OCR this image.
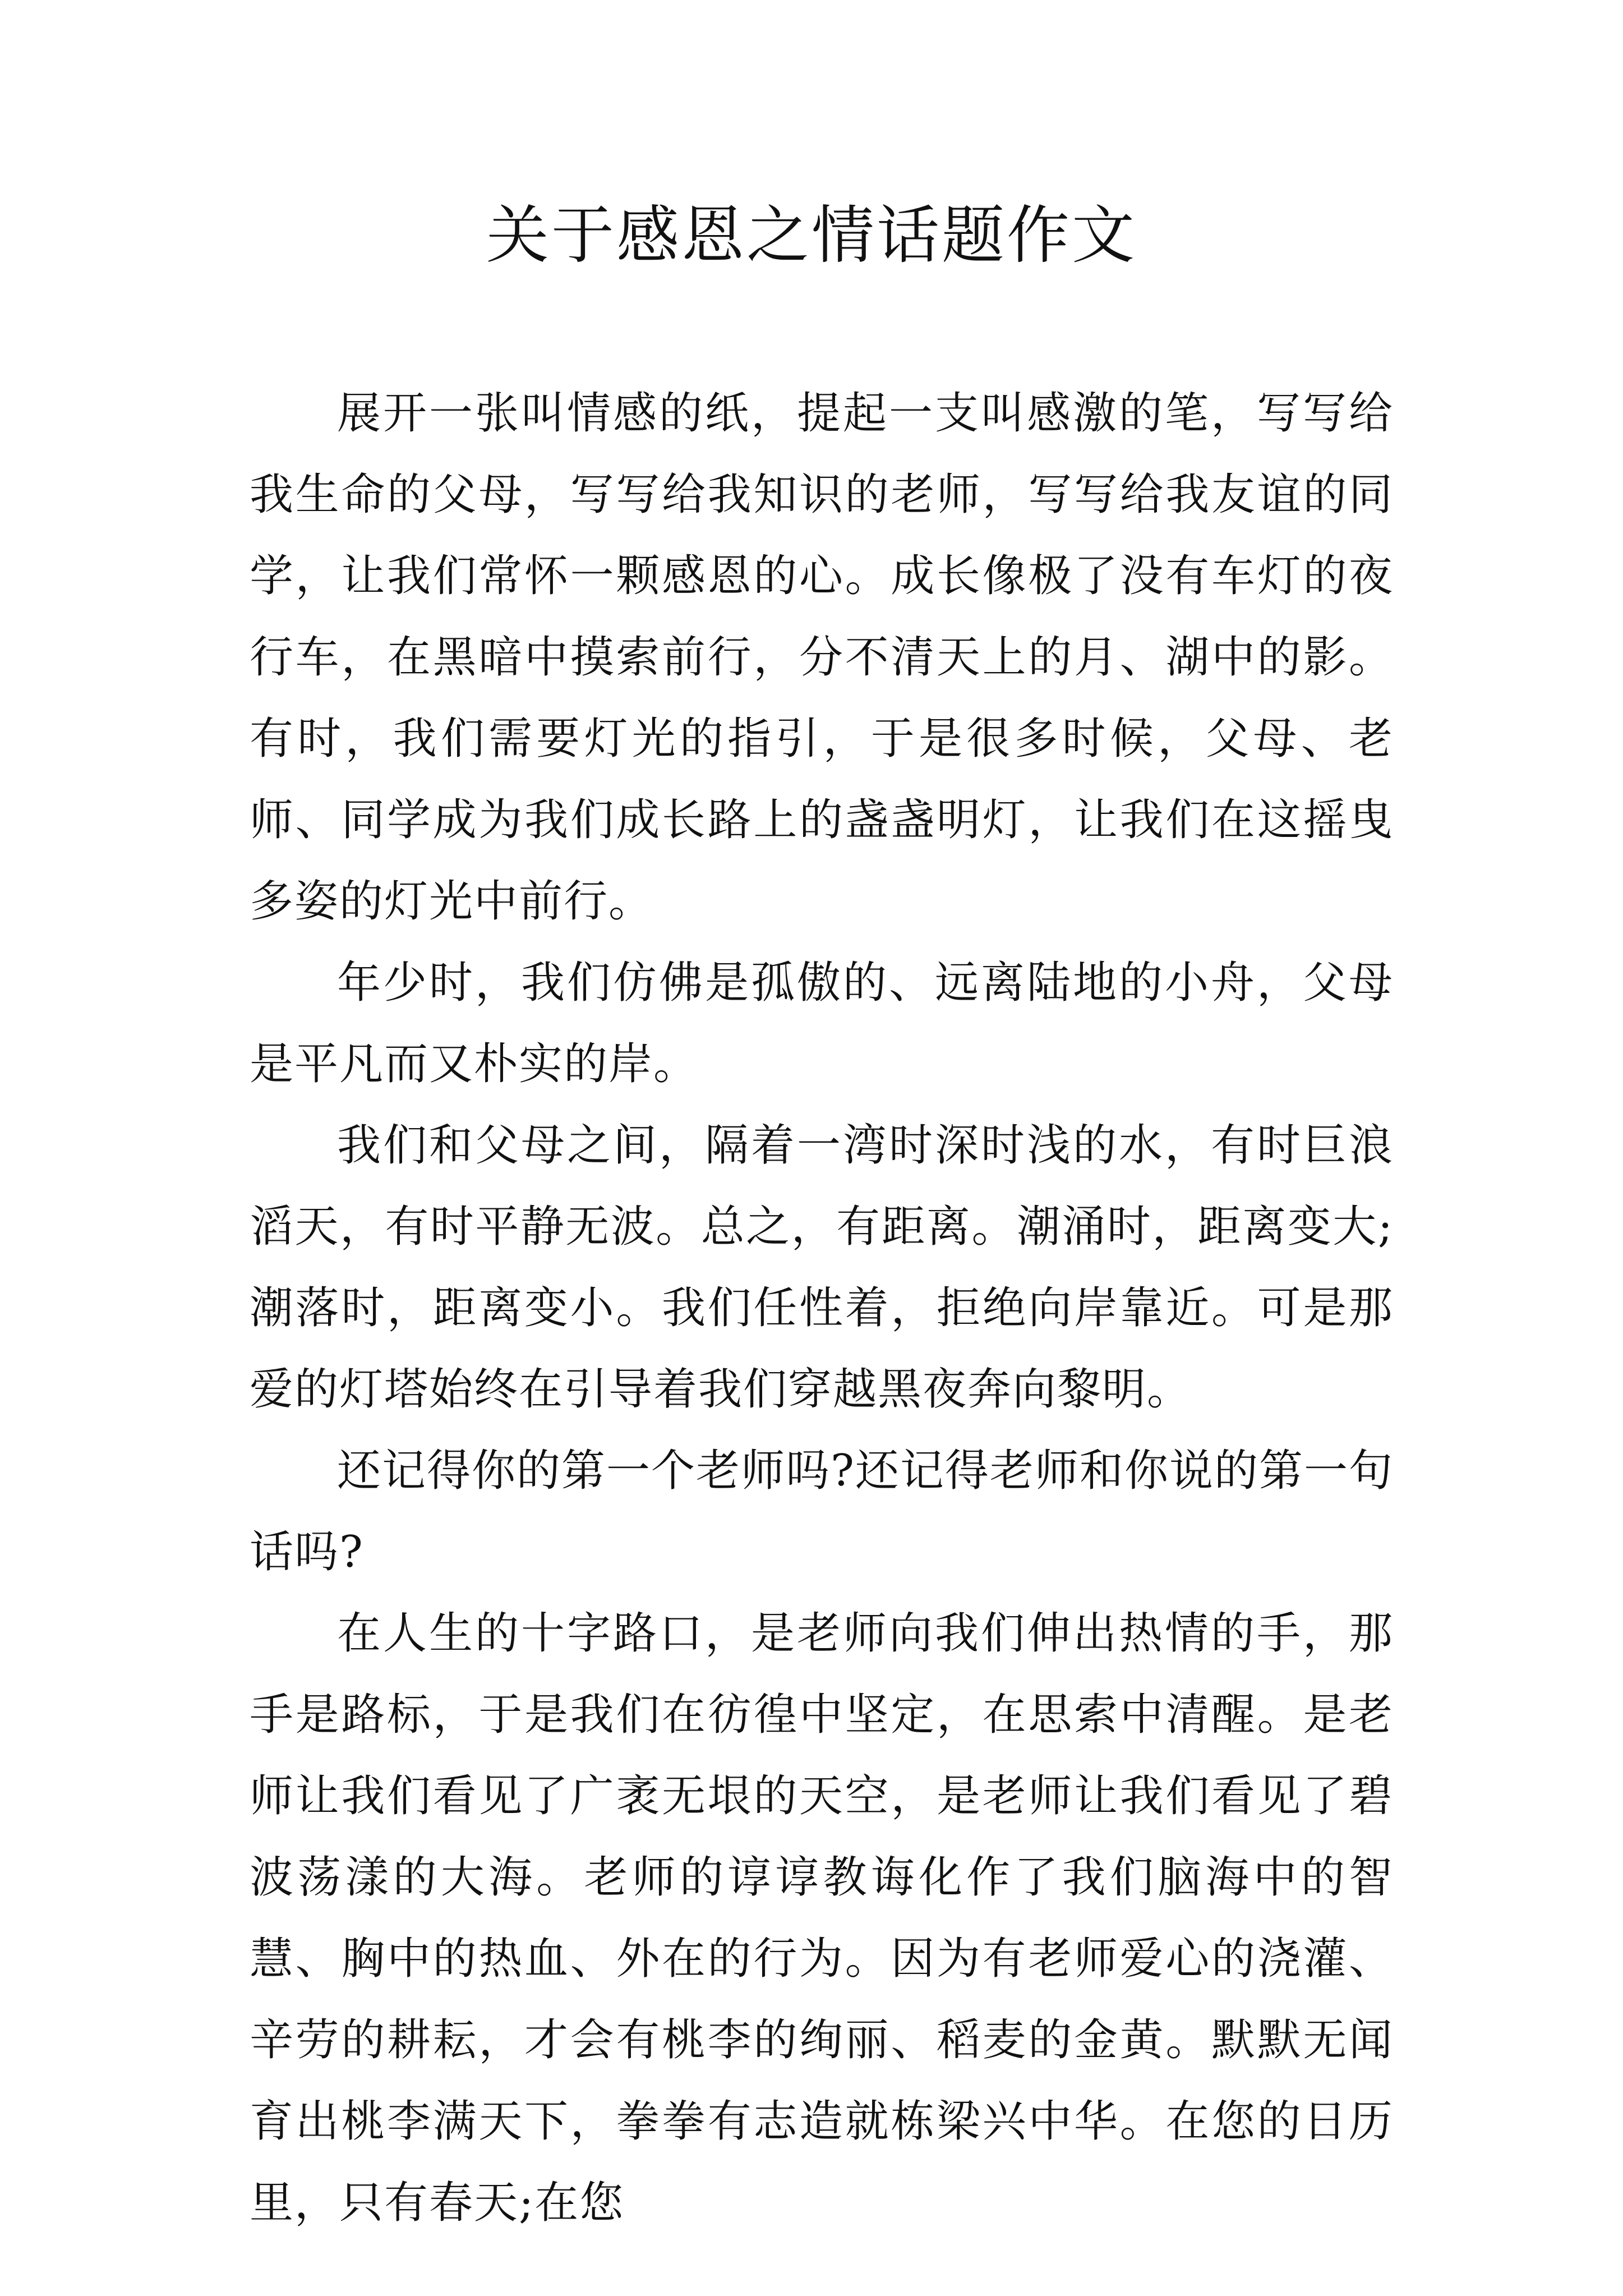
关于感恩之情话题作文

展开一张叫情感的纸，提起一支叫感激的笔，写写给我生命的父母，写写给我知识的老师，写写给我友谊的同学，让我们常怀一颗感恩的心。成长像极了没有车灯的夜行车，在黑暗中摸索前行，分不清天上的月、湖中的影。有时，我们需要灯光的指引，于是很多时候，父母、老师、同学成为我们成长路上的盏盏明灯，让我们在这摇曳多姿的灯光中前行。

年少时，我们仿佛是孤傲的、远离陆地的小舟，父母是平凡而又朴实的岸。

我们和父母之间，隔着一湾时深时浅的水，有时巨浪滔天，有时平静无波。总之，有距离。潮涌时，距离变大;潮落时，距离变小。我们任性着，拒绝向岸靠近。可是那爱的灯塔始终在引导着我们穿越黑夜奔向黎明。

还记得你的第一个老师吗?还记得老师和你说的第一句话吗?

在人生的十字路口，是老师向我们伸出热情的手，那手是路标，于是我们在彷徨中坚定，在思索中清醒。是老师让我们看见了广袤无垠的天空，是老师让我们看见了碧波荡漾的大海。老师的谆谆教诲化作了我们脑海中的智慧、胸中的热血、外在的行为。因为有老师爱心的浇灌、辛劳的耕耘，才会有桃李的绚丽、稻麦的金黄。默默无闻育出桃李满天下，拳拳有志造就栋梁兴中华。在您的日历里，只有春天;在您
